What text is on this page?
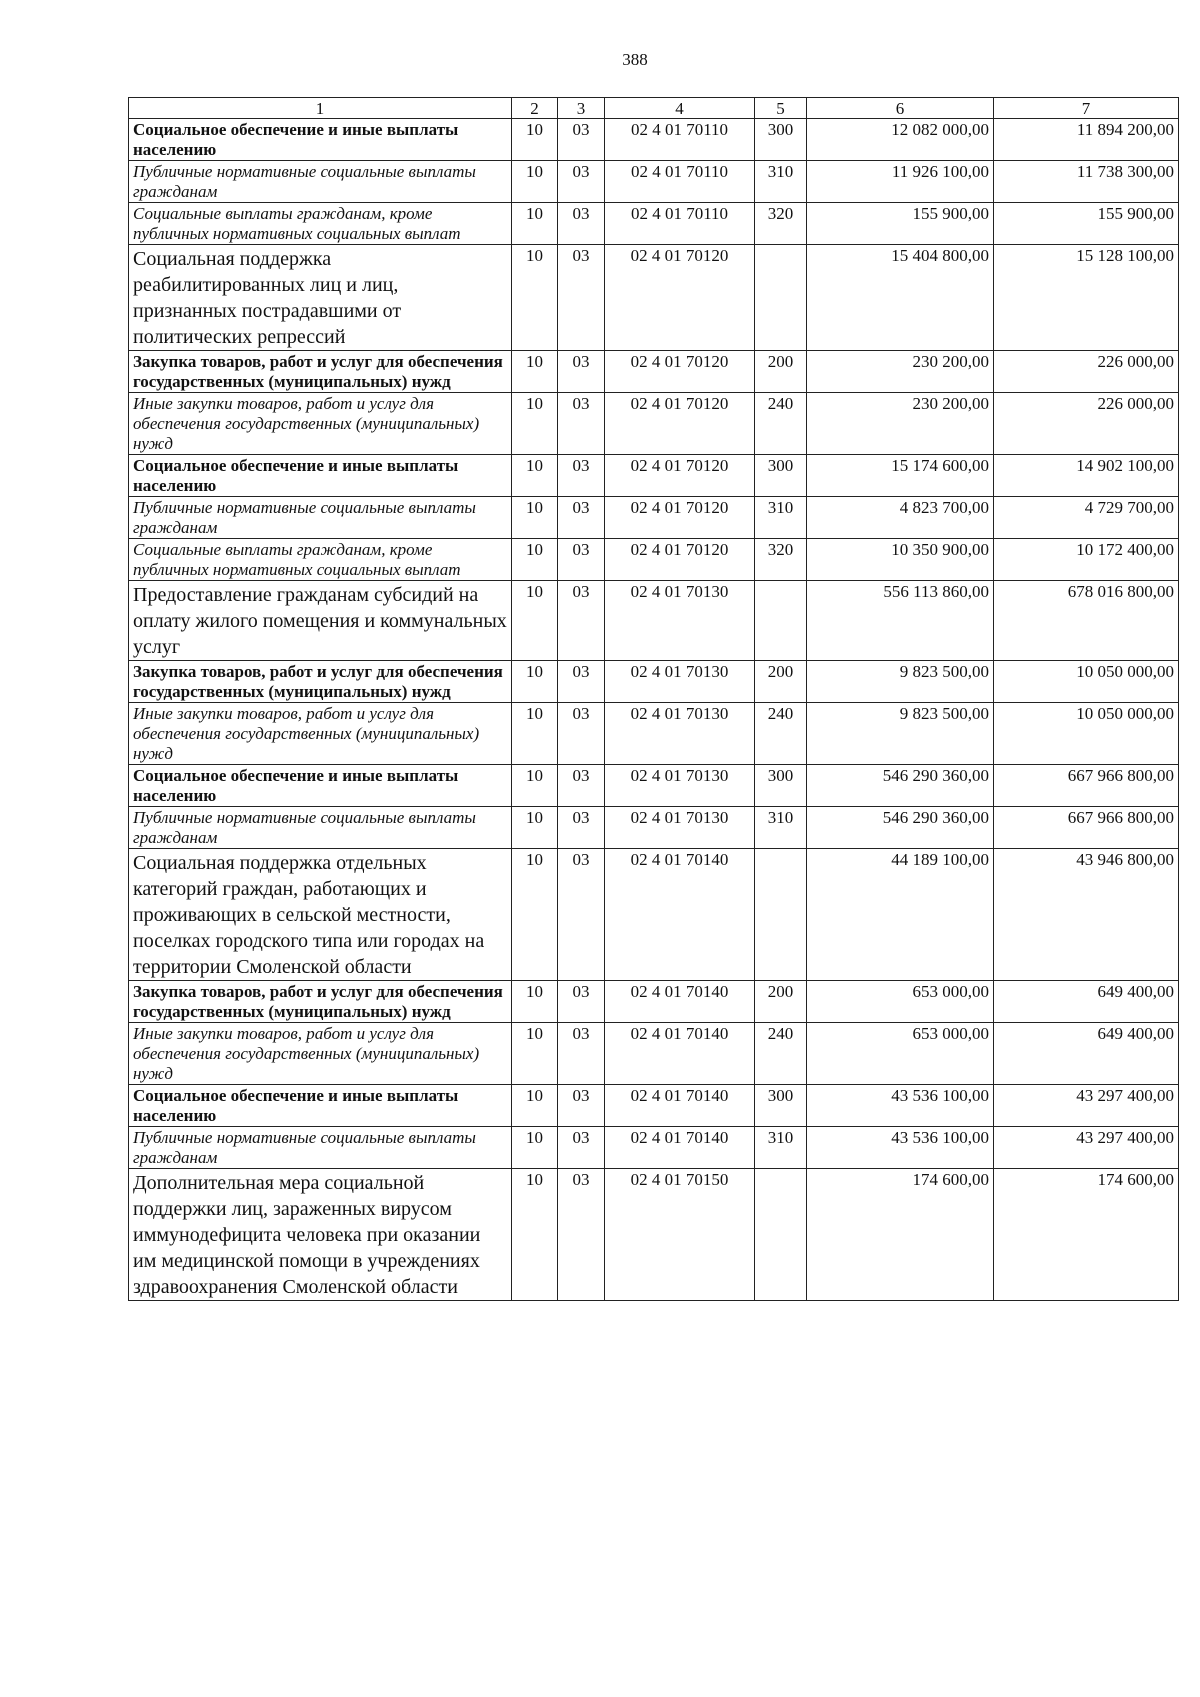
388
1	2	3	4	5	6	7
Социальное обеспечение и иные выплаты населению	10	03	02 4 01 70110	300	12 082 000,00	11 894 200,00
Публичные нормативные социальные выплаты гражданам	10	03	02 4 01 70110	310	11 926 100,00	11 738 300,00
Социальные выплаты гражданам, кроме публичных нормативных социальных выплат	10	03	02 4 01 70110	320	155 900,00	155 900,00
Социальная поддержка реабилитированных лиц и лиц, признанных пострадавшими от политических репрессий	10	03	02 4 01 70120		15 404 800,00	15 128 100,00
Закупка товаров, работ и услуг для обеспечения государственных (муниципальных) нужд	10	03	02 4 01 70120	200	230 200,00	226 000,00
Иные закупки товаров, работ и услуг для обеспечения государственных (муниципальных) нужд	10	03	02 4 01 70120	240	230 200,00	226 000,00
Социальное обеспечение и иные выплаты населению	10	03	02 4 01 70120	300	15 174 600,00	14 902 100,00
Публичные нормативные социальные выплаты гражданам	10	03	02 4 01 70120	310	4 823 700,00	4 729 700,00
Социальные выплаты гражданам, кроме публичных нормативных социальных выплат	10	03	02 4 01 70120	320	10 350 900,00	10 172 400,00
Предоставление гражданам субсидий на оплату жилого помещения и коммунальных услуг	10	03	02 4 01 70130		556 113 860,00	678 016 800,00
Закупка товаров, работ и услуг для обеспечения государственных (муниципальных) нужд	10	03	02 4 01 70130	200	9 823 500,00	10 050 000,00
Иные закупки товаров, работ и услуг для обеспечения государственных (муниципальных) нужд	10	03	02 4 01 70130	240	9 823 500,00	10 050 000,00
Социальное обеспечение и иные выплаты населению	10	03	02 4 01 70130	300	546 290 360,00	667 966 800,00
Публичные нормативные социальные выплаты гражданам	10	03	02 4 01 70130	310	546 290 360,00	667 966 800,00
Социальная поддержка отдельных категорий граждан, работающих и проживающих в сельской местности, поселках городского типа или городах на территории Смоленской области	10	03	02 4 01 70140		44 189 100,00	43 946 800,00
Закупка товаров, работ и услуг для обеспечения государственных (муниципальных) нужд	10	03	02 4 01 70140	200	653 000,00	649 400,00
Иные закупки товаров, работ и услуг для обеспечения государственных (муниципальных) нужд	10	03	02 4 01 70140	240	653 000,00	649 400,00
Социальное обеспечение и иные выплаты населению	10	03	02 4 01 70140	300	43 536 100,00	43 297 400,00
Публичные нормативные социальные выплаты гражданам	10	03	02 4 01 70140	310	43 536 100,00	43 297 400,00
Дополнительная мера социальной поддержки лиц, зараженных вирусом иммунодефицита человека при оказании им медицинской помощи в учреждениях здравоохранения Смоленской области	10	03	02 4 01 70150		174 600,00	174 600,00
